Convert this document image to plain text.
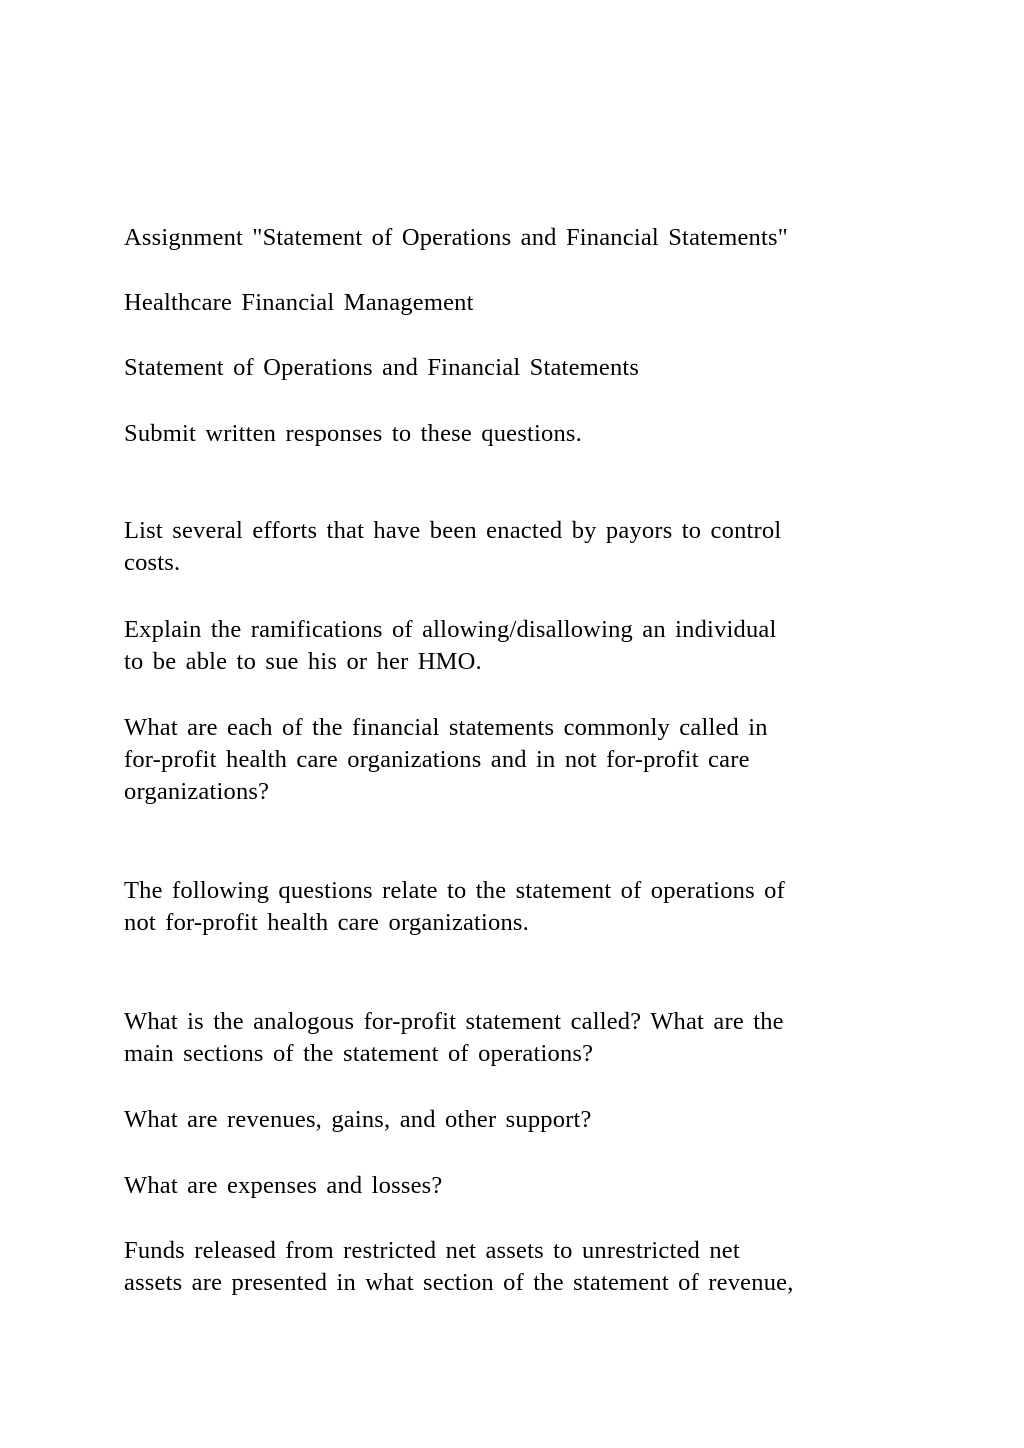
Assignment "Statement of Operations and Financial Statements"

Healthcare Financial Management

Statement of Operations and Financial Statements

Submit written responses to these questions.

List several efforts that have been enacted by payors to control
costs.

Explain the ramifications of allowing/disallowing an individual
to be able to sue his or her HMO.

What are each of the financial statements commonly called in
for-profit health care organizations and in not for-profit care
organizations?

The following questions relate to the statement of operations of
not for-profit health care organizations.

What is the analogous for-profit statement called? What are the
main sections of the statement of operations?

What are revenues, gains, and other support?

What are expenses and losses?

Funds released from restricted net assets to unrestricted net
assets are presented in what section of the statement of revenue,
